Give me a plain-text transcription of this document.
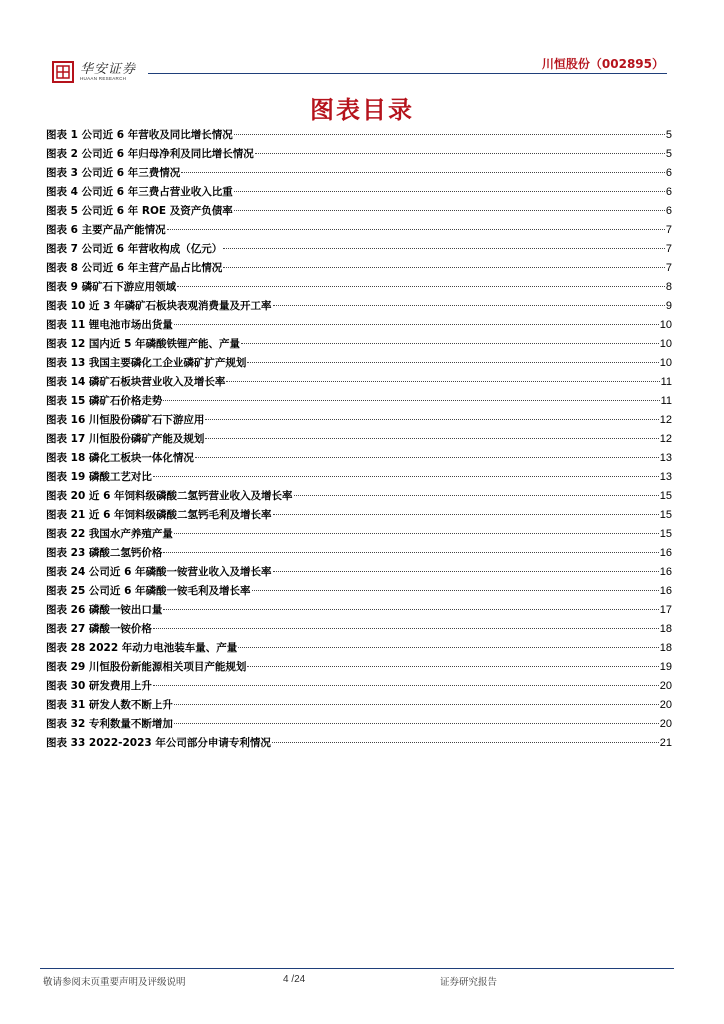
华安证券
HUAAN RESEARCH
川恒股份（002895）
图表目录
图表 1 公司近 6 年营收及同比增长情况	5
图表 2 公司近 6 年归母净利及同比增长情况	5
图表 3 公司近 6 年三费情况	6
图表 4 公司近 6 年三费占营业收入比重	6
图表 5 公司近 6 年 ROE 及资产负债率	6
图表 6 主要产品产能情况	7
图表 7 公司近 6 年营收构成（亿元）	7
图表 8 公司近 6 年主营产品占比情况	7
图表 9 磷矿石下游应用领域	8
图表 10 近 3 年磷矿石板块表观消费量及开工率	9
图表 11 锂电池市场出货量	10
图表 12 国内近 5 年磷酸铁锂产能、产量	10
图表 13 我国主要磷化工企业磷矿扩产规划	10
图表 14 磷矿石板块营业收入及增长率	11
图表 15 磷矿石价格走势	11
图表 16 川恒股份磷矿石下游应用	12
图表 17 川恒股份磷矿产能及规划	12
图表 18 磷化工板块一体化情况	13
图表 19 磷酸工艺对比	13
图表 20 近 6 年饲料级磷酸二氢钙营业收入及增长率	15
图表 21 近 6 年饲料级磷酸二氢钙毛利及增长率	15
图表 22 我国水产养殖产量	15
图表 23 磷酸二氢钙价格	16
图表 24 公司近 6 年磷酸一铵营业收入及增长率	16
图表 25 公司近 6 年磷酸一铵毛利及增长率	16
图表 26 磷酸一铵出口量	17
图表 27 磷酸一铵价格	18
图表 28 2022 年动力电池装车量、产量	18
图表 29 川恒股份新能源相关项目产能规划	19
图表 30 研发费用上升	20
图表 31 研发人数不断上升	20
图表 32 专利数量不断增加	20
图表 33 2022-2023 年公司部分申请专利情况	21
敬请参阅末页重要声明及评级说明	4 /24	证券研究报告
